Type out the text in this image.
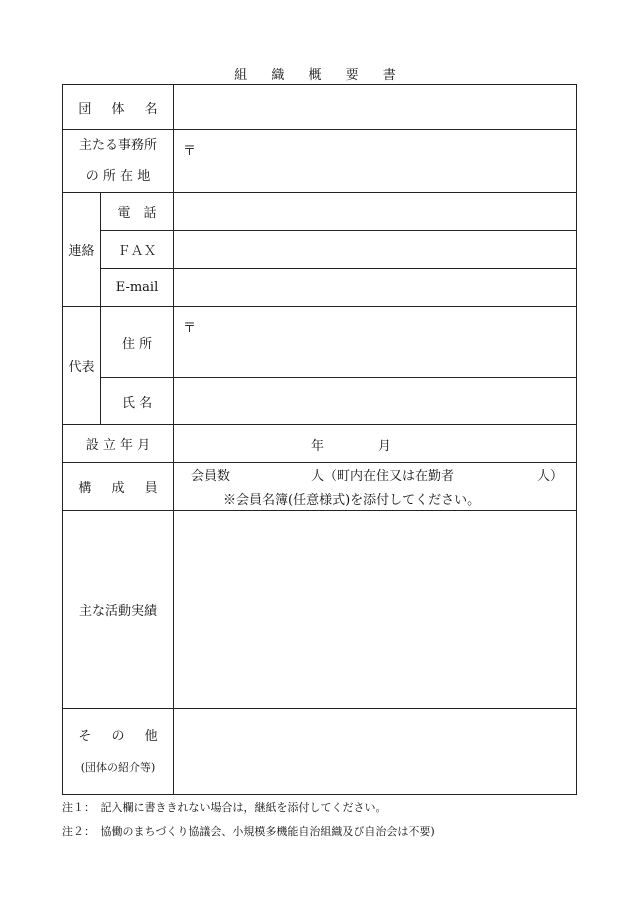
組 織 概 要 書
団 体 名		

主たる事務所
の 所 在 地		〒
連絡	電　話	
	ＦＡＸ	
	E-mail	
代表	住 所	〒
	氏 名	
設 立 年 月		年 月

構 成 員		会員数 人（町内在住又は在勤者 人）
※会員名簿(任意様式)を添付してください。

主な活動実績		

そ の 他
(団体の紹介等)		

注１：　記入欄に書ききれない場合は，継紙を添付してください。
注２：　協働のまちづくり協議会、小規模多機能自治組織及び自治会は不要)
